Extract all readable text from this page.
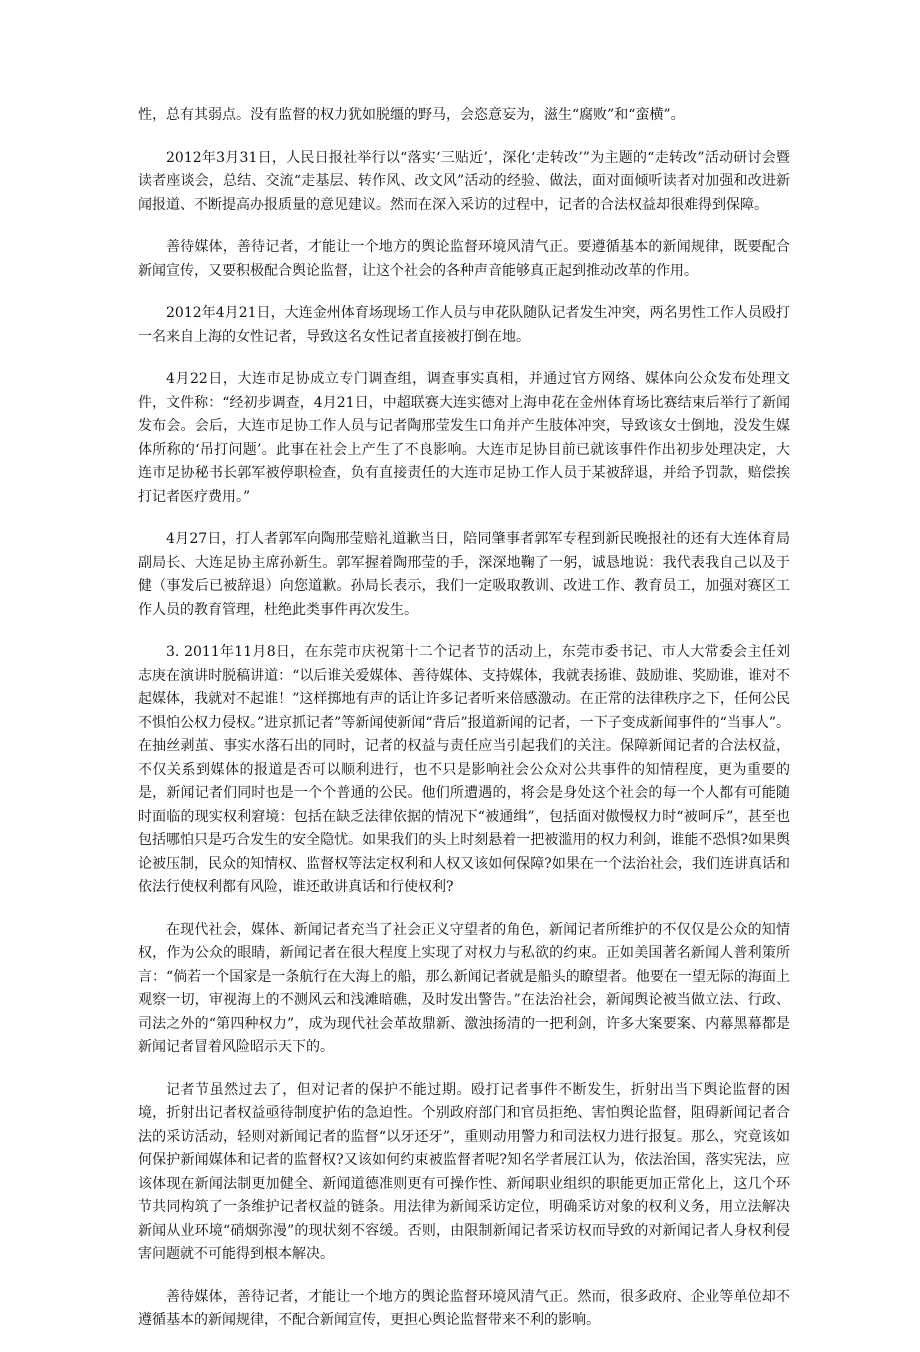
性，总有其弱点。没有监督的权力犹如脱缰的野马，会恣意妄为，滋生“腐败”和“蛮横”。

2012年3月31日，人民日报社举行以“落实‘三贴近’，深化‘走转改’”为主题的“走转改”活动研讨会暨读者座谈会，总结、交流“走基层、转作风、改文风”活动的经验、做法，面对面倾听读者对加强和改进新闻报道、不断提高办报质量的意见建议。然而在深入采访的过程中，记者的合法权益却很难得到保障。

善待媒体，善待记者，才能让一个地方的舆论监督环境风清气正。要遵循基本的新闻规律，既要配合新闻宣传，又要积极配合舆论监督，让这个社会的各种声音能够真正起到推动改革的作用。

2012年4月21日，大连金州体育场现场工作人员与申花队随队记者发生冲突，两名男性工作人员殴打一名来自上海的女性记者，导致这名女性记者直接被打倒在地。

4月22日，大连市足协成立专门调查组，调查事实真相，并通过官方网络、媒体向公众发布处理文件，文件称：“经初步调查，4月21日，中超联赛大连实德对上海申花在金州体育场比赛结束后举行了新闻发布会。会后，大连市足协工作人员与记者陶邢莹发生口角并产生肢体冲突，导致该女士倒地，没发生媒体所称的‘吊打问题’。此事在社会上产生了不良影响。大连市足协目前已就该事件作出初步处理决定，大连市足协秘书长郭军被停职检查，负有直接责任的大连市足协工作人员于某被辞退，并给予罚款，赔偿挨打记者医疗费用。”

4月27日，打人者郭军向陶邢莹赔礼道歉当日，陪同肇事者郭军专程到新民晚报社的还有大连体育局副局长、大连足协主席孙新生。郭军握着陶邢莹的手，深深地鞠了一躬，诚恳地说：我代表我自己以及于健（事发后已被辞退）向您道歉。孙局长表示，我们一定吸取教训、改进工作、教育员工，加强对赛区工作人员的教育管理，杜绝此类事件再次发生。

3. 2011年11月8日，在东莞市庆祝第十二个记者节的活动上，东莞市委书记、市人大常委会主任刘志庚在演讲时脱稿讲道：“以后谁关爱媒体、善待媒体、支持媒体，我就表扬谁、鼓励谁、奖励谁，谁对不起媒体，我就对不起谁！”这样掷地有声的话让许多记者听来倍感激动。在正常的法律秩序之下，任何公民不惧怕公权力侵权。”进京抓记者”等新闻使新闻“背后”报道新闻的记者，一下子变成新闻事件的“当事人”。在抽丝剥茧、事实水落石出的同时，记者的权益与责任应当引起我们的关注。保障新闻记者的合法权益，不仅关系到媒体的报道是否可以顺利进行，也不只是影响社会公众对公共事件的知情程度，更为重要的是，新闻记者们同时也是一个个普通的公民。他们所遭遇的，将会是身处这个社会的每一个人都有可能随时面临的现实权利窘境：包括在缺乏法律依据的情况下“被通缉”，包括面对傲慢权力时“被呵斥”，甚至也包括哪怕只是巧合发生的安全隐忧。如果我们的头上时刻悬着一把被滥用的权力利剑，谁能不恐惧?如果舆论被压制，民众的知情权、监督权等法定权利和人权又该如何保障?如果在一个法治社会，我们连讲真话和依法行使权利都有风险，谁还敢讲真话和行使权利?

在现代社会，媒体、新闻记者充当了社会正义守望者的角色，新闻记者所维护的不仅仅是公众的知情权，作为公众的眼睛，新闻记者在很大程度上实现了对权力与私欲的约束。正如美国著名新闻人普利策所言：“倘若一个国家是一条航行在大海上的船，那么新闻记者就是船头的瞭望者。他要在一望无际的海面上观察一切，审视海上的不测风云和浅滩暗礁，及时发出警告。”在法治社会，新闻舆论被当做立法、行政、司法之外的“第四种权力”，成为现代社会革故鼎新、激浊扬清的一把利剑，许多大案要案、内幕黑幕都是新闻记者冒着风险昭示天下的。

记者节虽然过去了，但对记者的保护不能过期。殴打记者事件不断发生，折射出当下舆论监督的困境，折射出记者权益亟待制度护佑的急迫性。个别政府部门和官员拒绝、害怕舆论监督，阻碍新闻记者合法的采访活动，轻则对新闻记者的监督“以牙还牙”，重则动用警力和司法权力进行报复。那么，究竟该如何保护新闻媒体和记者的监督权?又该如何约束被监督者呢?知名学者展江认为，依法治国，落实宪法，应该体现在新闻法制更加健全、新闻道德准则更有可操作性、新闻职业组织的职能更加正常化上，这几个环节共同构筑了一条维护记者权益的链条。用法律为新闻采访定位，明确采访对象的权利义务，用立法解决新闻从业环境“硝烟弥漫”的现状刻不容缓。否则，由限制新闻记者采访权而导致的对新闻记者人身权利侵害问题就不可能得到根本解决。

善待媒体，善待记者，才能让一个地方的舆论监督环境风清气正。然而，很多政府、企业等单位却不遵循基本的新闻规律，不配合新闻宣传，更担心舆论监督带来不利的影响。
